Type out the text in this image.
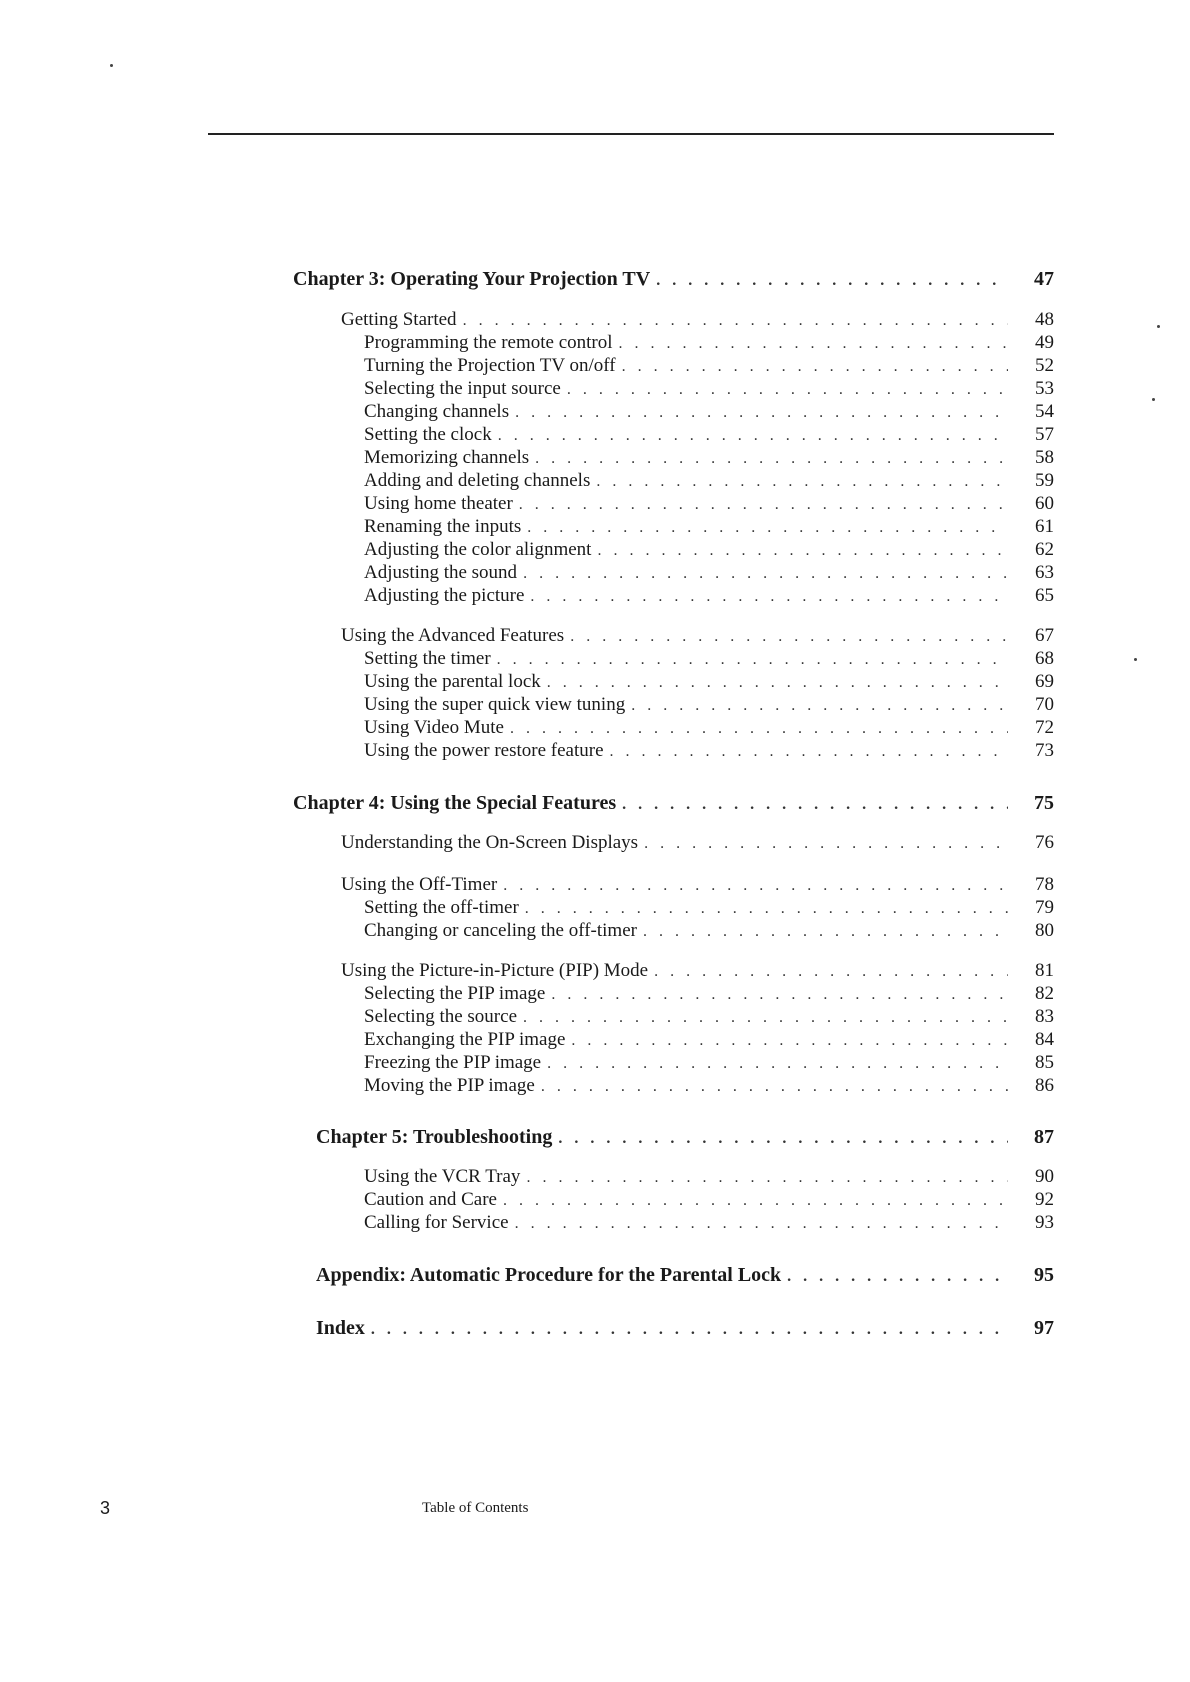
Chapter 3: Operating Your Projection TV . . .	47
Getting Started . . .	48
Programming the remote control . . .	49
Turning the Projection TV on/off . . .	52
Selecting the input source . . .	53
Changing channels . . .	54
Setting the clock . . .	57
Memorizing channels . . .	58
Adding and deleting channels . . .	59
Using home theater . . .	60
Renaming the inputs . . .	61
Adjusting the color alignment . . .	62
Adjusting the sound . . .	63
Adjusting the picture . . .	65
Using the Advanced Features . . .	67
Setting the timer . . .	68
Using the parental lock . . .	69
Using the super quick view tuning . . .	70
Using Video Mute . . .	72
Using the power restore feature . . .	73
Chapter 4: Using the Special Features . . .	75
Understanding the On-Screen Displays . . .	76
Using the Off-Timer . . .	78
Setting the off-timer . . .	79
Changing or canceling the off-timer . . .	80
Using the Picture-in-Picture (PIP) Mode . . .	81
Selecting the PIP image . . .	82
Selecting the source . . .	83
Exchanging the PIP image . . .	84
Freezing the PIP image . . .	85
Moving the PIP image . . .	86
Chapter 5: Troubleshooting . . .	87
Using the VCR Tray . . .	90
Caution and Care . . .	92
Calling for Service . . .	93
Appendix: Automatic Procedure for the Parental Lock . . .	95
Index . . .	97
3	Table of Contents
